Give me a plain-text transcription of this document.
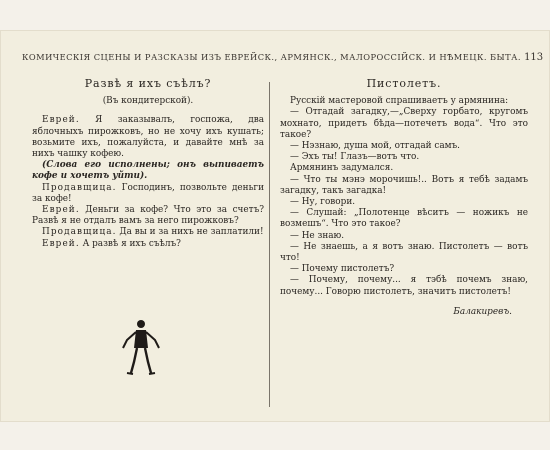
КОМИЧЕСКІЯ СЦЕНЫ И РАЗСКАЗЫ ИЗЪ ЕВРЕЙСК., АРМЯНСК., МАЛОРОССІЙСК. И НѢМЕЦК. БЫТА. 113
Развѣ я ихъ съѣлъ?

(Въ кондитерской).

Еврей. Я заказывалъ, госпожа, два яблочныхъ пирожковъ, но не хочу ихъ кушать; возьмите ихъ, пожалуйста, и давайте мнѣ за нихъ чашку кофею.

(Слова его исполнены; онъ выпиваетъ кофе и хочетъ уйти).

Продавщица. Господинъ, позвольте деньги за кофе!

Еврей. Деньги за кофе? Что это за счетъ? Развѣ я не отдалъ вамъ за него пирожковъ?

Продавщица. Да вы и за нихъ не заплатили!

Еврей. А развѣ я ихъ съѣлъ?

Пистолетъ.

Русскій мастеровой спрашиваетъ у армянина:

— Отгадай загадку,—„Сверху горбато, кругомъ мохнато, придетъ бѣда—потечетъ вода“. Что это такое?

— Нэзнаю, душа мой, отгадай самъ.

— Эхъ ты! Глазъ—вотъ что.

Армянинъ задумался.

— Что ты мэнэ морочишь!.. Вотъ я тебѣ задамъ загадку, такъ загадка!

— Ну, говори.

— Слушай: „Полотенце вѣситъ — ножикъ не возмешъ“. Что это такое?

— Не знаю.

— Не знаешь, а я вотъ знаю. Пистолетъ — вотъ что!

— Почему пистолетъ?

— Почему, почему... я тэбѣ почемъ знаю, почему... Говорю пистолетъ, значитъ пистолетъ!

Балакиревъ.
